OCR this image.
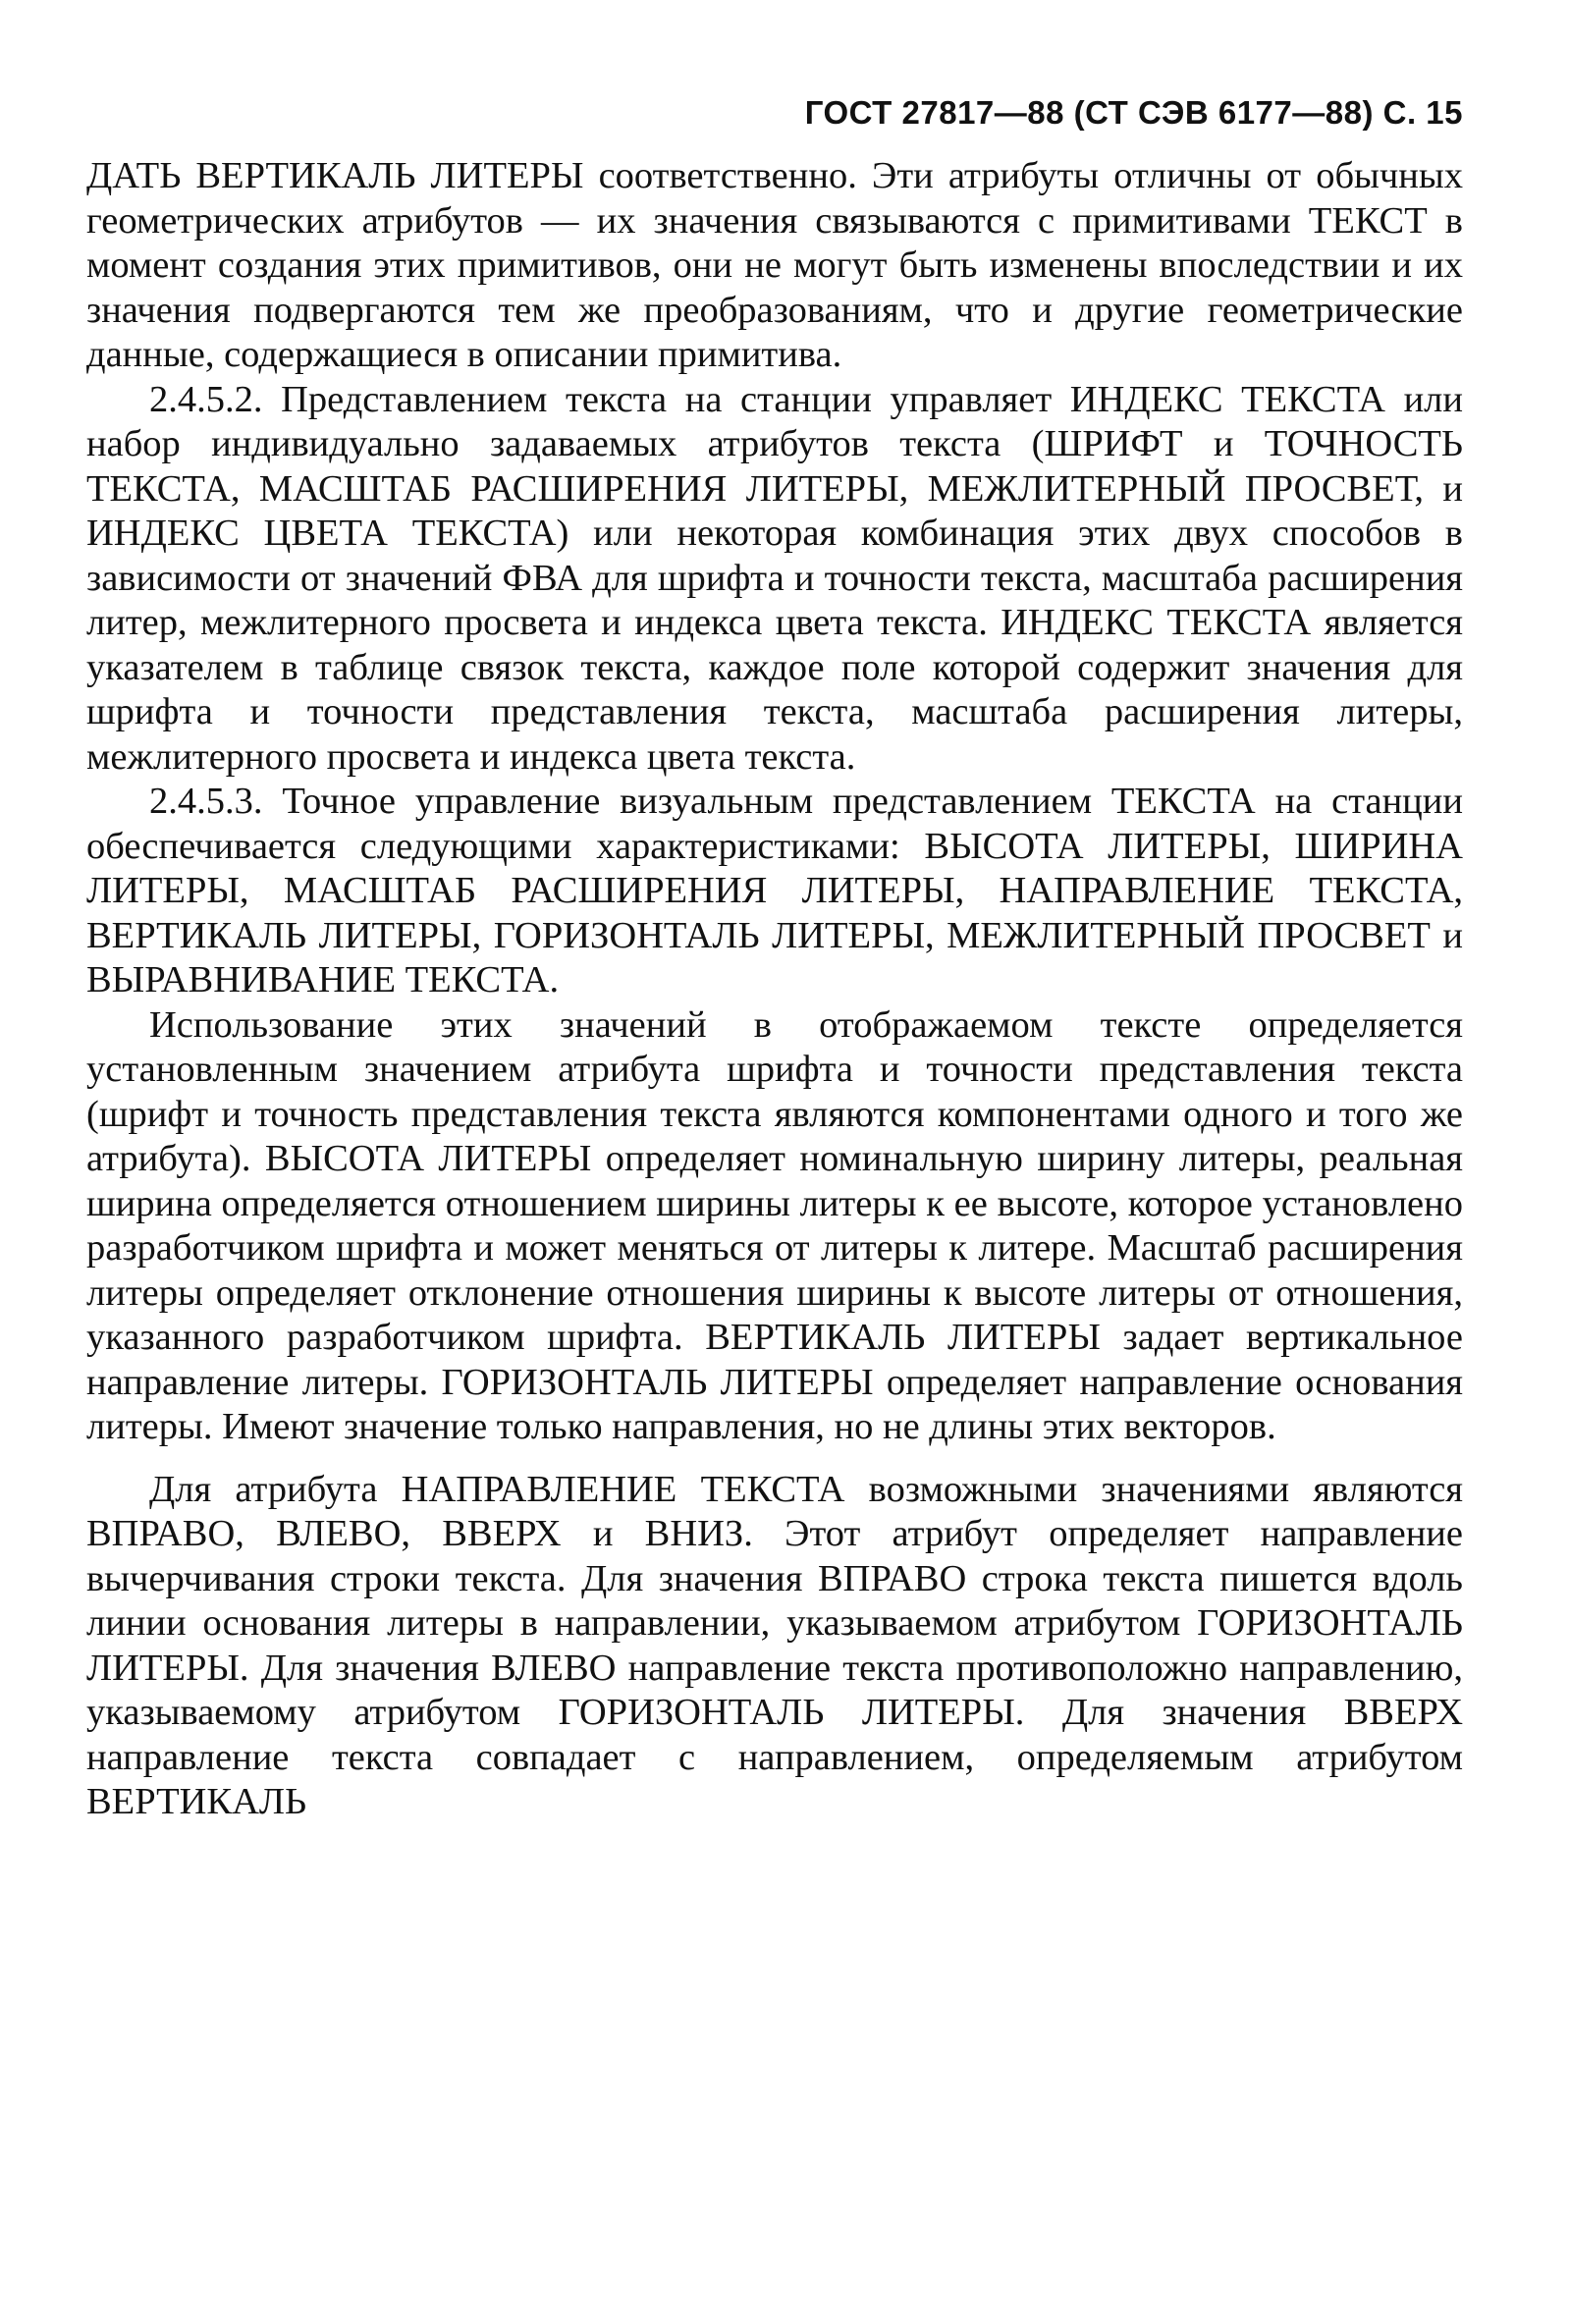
ГОСТ 27817—88 (СТ СЭВ 6177—88) С. 15

ДАТЬ ВЕРТИКАЛЬ ЛИТЕРЫ соответственно. Эти атрибуты отличны от обычных геометрических атрибутов — их значения связываются с примитивами ТЕКСТ в момент создания этих примитивов, они не могут быть изменены впоследствии и их значения подвергаются тем же преобразованиям, что и другие геометрические данные, содержащиеся в описании примитива.

2.4.5.2. Представлением текста на станции управляет ИНДЕКС ТЕКСТА или набор индивидуально задаваемых атрибутов текста (ШРИФТ и ТОЧНОСТЬ ТЕКСТА, МАСШТАБ РАСШИРЕНИЯ ЛИТЕРЫ, МЕЖЛИТЕРНЫЙ ПРОСВЕТ, и ИНДЕКС ЦВЕТА ТЕКСТА) или некоторая комбинация этих двух способов в зависимости от значений ФВА для шрифта и точности текста, масштаба расширения литер, межлитерного просвета и индекса цвета текста. ИНДЕКС ТЕКСТА является указателем в таблице связок текста, каждое поле которой содержит значения для шрифта и точности представления текста, масштаба расширения литеры, межлитерного просвета и индекса цвета текста.

2.4.5.3. Точное управление визуальным представлением ТЕКСТА на станции обеспечивается следующими характеристиками: ВЫСОТА ЛИТЕРЫ, ШИРИНА ЛИТЕРЫ, МАСШТАБ РАСШИРЕНИЯ ЛИТЕРЫ, НАПРАВЛЕНИЕ ТЕКСТА, ВЕРТИКАЛЬ ЛИТЕРЫ, ГОРИЗОНТАЛЬ ЛИТЕРЫ, МЕЖЛИТЕРНЫЙ ПРОСВЕТ и ВЫРАВНИВАНИЕ ТЕКСТА.

Использование этих значений в отображаемом тексте определяется установленным значением атрибута шрифта и точности представления текста (шрифт и точность представления текста являются компонентами одного и того же атрибута). ВЫСОТА ЛИТЕРЫ определяет номинальную ширину литеры, реальная ширина определяется отношением ширины литеры к ее высоте, которое установлено разработчиком шрифта и может меняться от литеры к литере. Масштаб расширения литеры определяет отклонение отношения ширины к высоте литеры от отношения, указанного разработчиком шрифта. ВЕРТИКАЛЬ ЛИТЕРЫ задает вертикальное направление литеры. ГОРИЗОНТАЛЬ ЛИТЕРЫ определяет направление основания литеры. Имеют значение только направления, но не длины этих векторов.

Для атрибута НАПРАВЛЕНИЕ ТЕКСТА возможными значениями являются ВПРАВО, ВЛЕВО, ВВЕРХ и ВНИЗ. Этот атрибут определяет направление вычерчивания строки текста. Для значения ВПРАВО строка текста пишется вдоль линии основания литеры в направлении, указываемом атрибутом ГОРИЗОНТАЛЬ ЛИТЕРЫ. Для значения ВЛЕВО направление текста противоположно направлению, указываемому атрибутом ГОРИЗОНТАЛЬ ЛИТЕРЫ. Для значения ВВЕРХ направление текста совпадает с направлением, определяемым атрибутом ВЕРТИКАЛЬ
